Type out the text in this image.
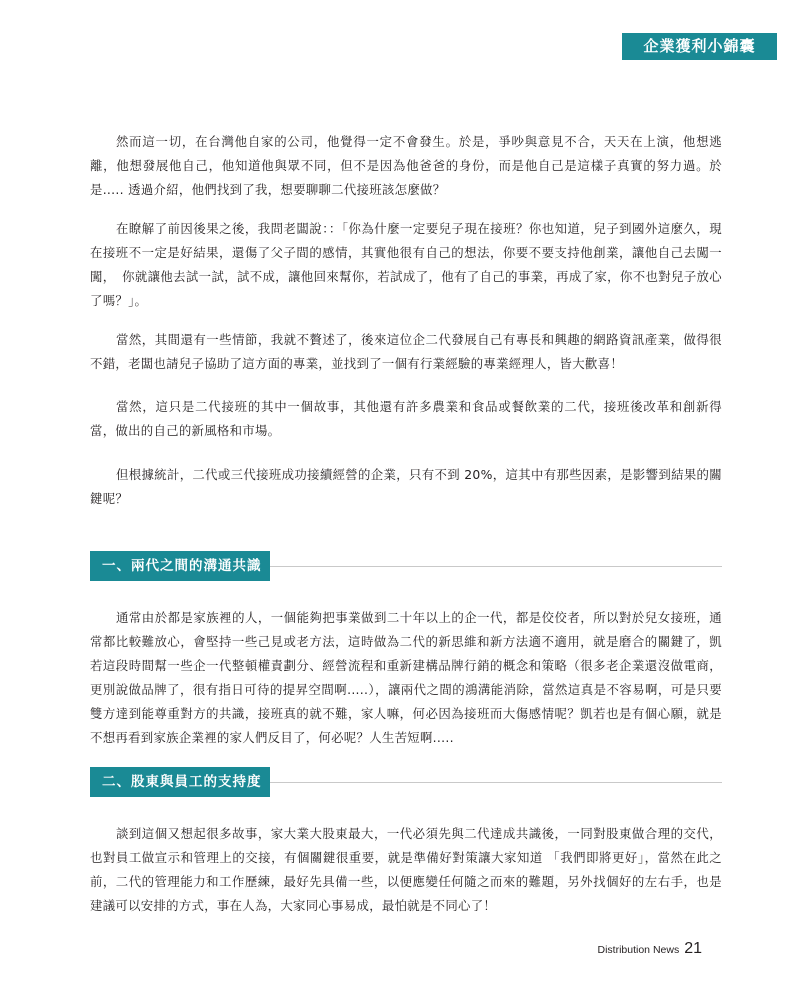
企業獲利小錦囊

然而這一切，在台灣他自家的公司，他覺得一定不會發生。於是，爭吵與意見不合，天天在上演，他想逃離，他想發展他自己，他知道他與眾不同，但不是因為他爸爸的身份，而是他自己是這樣子真實的努力過。於是..... 透過介紹，他們找到了我，想要聊聊二代接班該怎麼做？

在瞭解了前因後果之後，我問老闆說：：「你為什麼一定要兒子現在接班？你也知道，兒子到國外這麼久，現在接班不一定是好結果，還傷了父子間的感情，其實他很有自己的想法，你要不要支持他創業，讓他自己去闖一闖，　你就讓他去試一試，試不成，讓他回來幫你，若試成了，他有了自己的事業，再成了家，你不也對兒子放心了嗎？」。

當然，其間還有一些情節，我就不贅述了，後來這位企二代發展自己有專長和興趣的網路資訊產業，做得很不錯，老闆也請兒子協助了這方面的專業，並找到了一個有行業經驗的專業經理人，皆大歡喜！

當然，這只是二代接班的其中一個故事，其他還有許多農業和食品或餐飲業的二代，接班後改革和創新得當，做出的自己的新風格和市場。

但根據統計，二代或三代接班成功接續經營的企業，只有不到 20%，這其中有那些因素，是影響到結果的關鍵呢？

一、兩代之間的溝通共識

通常由於都是家族裡的人，一個能夠把事業做到二十年以上的企一代，都是佼佼者，所以對於兒女接班，通常都比較難放心，會堅持一些己見或老方法，這時做為二代的新思維和新方法適不適用，就是磨合的關鍵了，凱若這段時間幫一些企一代整頓權責劃分、經營流程和重新建構品牌行銷的概念和策略（很多老企業還沒做電商，更別說做品牌了，很有指日可待的提昇空間啊.....），讓兩代之間的鴻溝能消除，當然這真是不容易啊，可是只要雙方達到能尊重對方的共識，接班真的就不難，家人嘛，何必因為接班而大傷感情呢？凱若也是有個心願，就是不想再看到家族企業裡的家人們反目了，何必呢？人生苦短啊.....

二、股東與員工的支持度

談到這個又想起很多故事，家大業大股東最大，一代必須先與二代達成共識後，一同對股東做合理的交代，也對員工做宣示和管理上的交接，有個關鍵很重要，就是準備好對策讓大家知道 「我們即將更好」，當然在此之前，二代的管理能力和工作歷練，最好先具備一些，以便應變任何隨之而來的難題，另外找個好的左右手，也是建議可以安排的方式，事在人為，大家同心事易成，最怕就是不同心了！

Distribution News 21
